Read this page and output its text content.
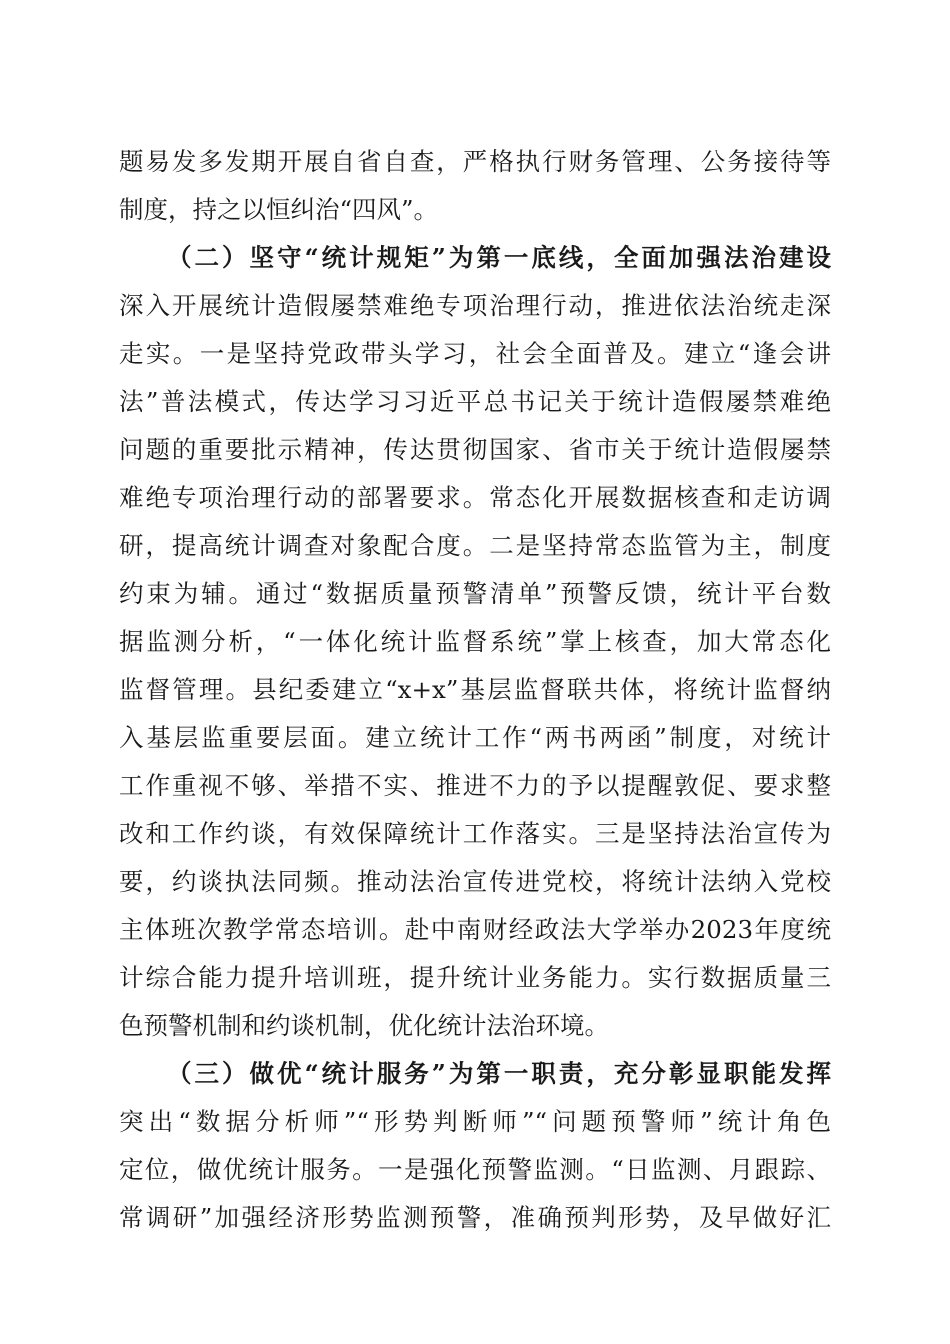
题易发多发期开展自省自查，严格执行财务管理、公务接待等
制度，持之以恒纠治“四风”。
（二）坚守“统计规矩”为第一底线，全面加强法治建设
深入开展统计造假屡禁难绝专项治理行动，推进依法治统走深
走实。一是坚持党政带头学习，社会全面普及。建立“逢会讲
法”普法模式，传达学习习近平总书记关于统计造假屡禁难绝
问题的重要批示精神，传达贯彻国家、省市关于统计造假屡禁
难绝专项治理行动的部署要求。常态化开展数据核查和走访调
研，提高统计调查对象配合度。二是坚持常态监管为主，制度
约束为辅。通过“数据质量预警清单”预警反馈，统计平台数
据监测分析，“一体化统计监督系统”掌上核查，加大常态化
监督管理。县纪委建立“x+x”基层监督联共体，将统计监督纳
入基层监重要层面。建立统计工作“两书两函”制度，对统计
工作重视不够、举措不实、推进不力的予以提醒敦促、要求整
改和工作约谈，有效保障统计工作落实。三是坚持法治宣传为
要，约谈执法同频。推动法治宣传进党校，将统计法纳入党校
主体班次教学常态培训。赴中南财经政法大学举办2023年度统
计综合能力提升培训班，提升统计业务能力。实行数据质量三
色预警机制和约谈机制，优化统计法治环境。
（三）做优“统计服务”为第一职责，充分彰显职能发挥
突出“数据分析师”“形势判断师”“问题预警师”统计角色
定位，做优统计服务。一是强化预警监测。“日监测、月跟踪、
常调研”加强经济形势监测预警，准确预判形势，及早做好汇
